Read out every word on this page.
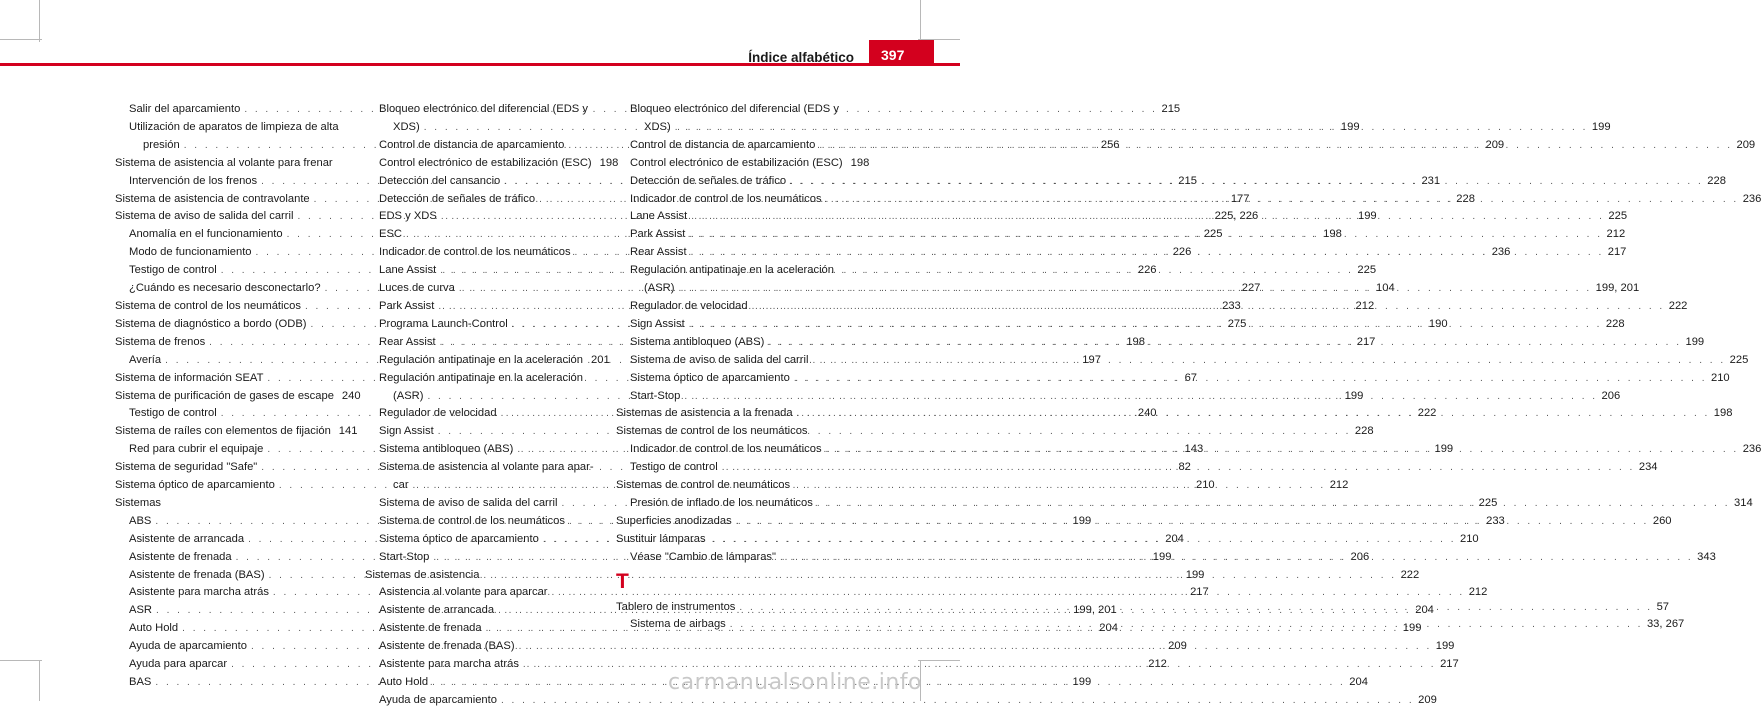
Índice alfabético	397
Salir del aparcamiento . . .	215
Utilización de aparatos de limpieza de alta
presión . . .	256
Sistema de asistencia al volante para frenar
Intervención de los frenos . . .	215
Sistema de asistencia de contravolante . . .	177
Sistema de aviso de salida del carril . . .	225, 226
Anomalía en el funcionamiento . . .	225
Modo de funcionamiento . . .	226
Testigo de control . . .	226
¿Cuándo es necesario desconectarlo? . . .	227
Sistema de control de los neumáticos . . .	233
Sistema de diagnóstico a bordo (ODB) . . .	275
Sistema de frenos . . .	198
Avería . . .	197
Sistema de información SEAT . . .	67
Sistema de purificación de gases de escape 240
Testigo de control . . .	240
Sistema de raíles con elementos de fijación 141
Red para cubrir el equipaje . . .	143
Sistema de seguridad "Safe" . . .	82
Sistema óptico de aparcamiento . . .	210
Sistemas
ABS . . .	199
Asistente de arrancada . . .	204
Asistente de frenada . . .	199
Asistente de frenada (BAS) . . .	199
Asistente para marcha atrás . . .	217
ASR . . .	199, 201
Auto Hold . . .	204
Ayuda de aparcamiento . . .	209
Ayuda para aparcar . . .	212
BAS . . .	199
Bloqueo electrónico del diferencial (EDS y
XDS) . . .	199
Control de distancia de aparcamiento . . .	209
Control electrónico de estabilización (ESC) 198
Detección del cansancio . . .	231
Detección de señales de tráfico . . .	228
EDS y XDS . . .	199
ESC . . .	198
Indicador de control de los neumáticos . . .	236
Lane Assist . . .	225
Luces de curva . . .	104
Park Assist . . .	212
Programa Launch-Control . . .	190
Rear Assist . . .	217
Regulación antipatinaje en la aceleración 201
Regulación antipatinaje en la aceleración
(ASR) . . .	199
Regulador de velocidad . . .	222
Sign Assist . . .	228
Sistema antibloqueo (ABS) . . .	199
Sistema de asistencia al volante para apar-
car . . .	212
Sistema de aviso de salida del carril . . .	225
Sistema de control de los neumáticos . . .	233
Sistema óptico de aparcamiento . . .	210
Start-Stop . . .	206
Sistemas de asistencia . . .	222
Asistencia al volante para aparcar . . .	212
Asistente de arrancada . . .	204
Asistente de frenada . . .	199
Asistente de frenada (BAS) . . .	199
Asistente para marcha atrás . . .	217
Auto Hold . . .	204
Ayuda de aparcamiento . . .	209
Bloqueo electrónico del diferencial (EDS y
XDS) . . .	199
Control de distancia de aparcamiento . . .	209
Control electrónico de estabilización (ESC) 198
Detección de señales de tráfico . . .	228
Indicador de control de los neumáticos . . .	236
Lane Assist . . .	225
Park Assist . . .	212
Rear Assist . . .	217
Regulación antipatinaje en la aceleración
(ASR) . . .	199, 201
Regulador de velocidad . . .	222
Sign Assist . . .	228
Sistema antibloqueo (ABS) . . .	199
Sistema de aviso de salida del carril . . .	225
Sistema óptico de aparcamiento . . .	210
Start-Stop . . .	206
Sistemas de asistencia a la frenada . . .	198
Sistemas de control de los neumáticos
Indicador de control de los neumáticos . . .	236
Testigo de control . . .	234
Sistemas de control de neumáticos
Presión de inflado de los neumáticos . . .	314
Superficies anodizadas . . .	260
Sustituir lámparas
Véase "Cambio de lámparas" . . .	343
T
Tablero de instrumentos . . .	57
Sistema de airbags . . .	33, 267
carmanualsonline.info
